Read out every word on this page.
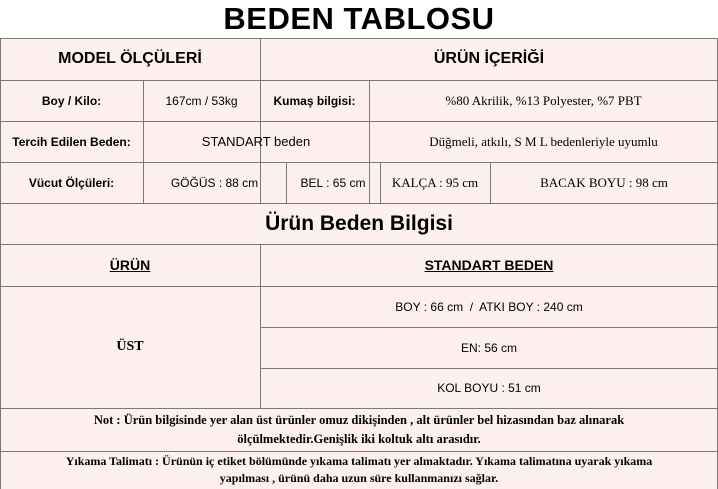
BEDEN TABLOSU
MODEL ÖLÇÜLERİ	ÜRÜN İÇERİĞİ
Boy / Kilo:	167cm / 53kg	Kumaş bilgisi:	%80 Akrilik, %13 Polyester, %7 PBT
Tercih Edilen Beden:	STANDART beden	Düğmeli, atkılı, S M L bedenleriyle uyumlu
Vücut Ölçüleri:	GÖĞÜS : 88 cm	BEL : 65 cm	KALÇA : 95 cm	BACAK BOYU : 98 cm
Ürün Beden Bilgisi
ÜRÜN	STANDART BEDEN
ÜST
BOY : 66 cm  /  ATKI BOY : 240 cm
EN: 56 cm
KOL BOYU : 51 cm
Not : Ürün bilgisinde yer alan üst ürünler omuz dikişinden , alt ürünler bel hizasından baz alınarak
ölçülmektedir.Genişlik iki koltuk altı arasıdır.
Yıkama Talimatı : Ürünün iç etiket bölümünde yıkama talimatı yer almaktadır. Yıkama talimatına uyarak yıkama
yapılması , ürünü daha uzun süre kullanmanızı sağlar.
